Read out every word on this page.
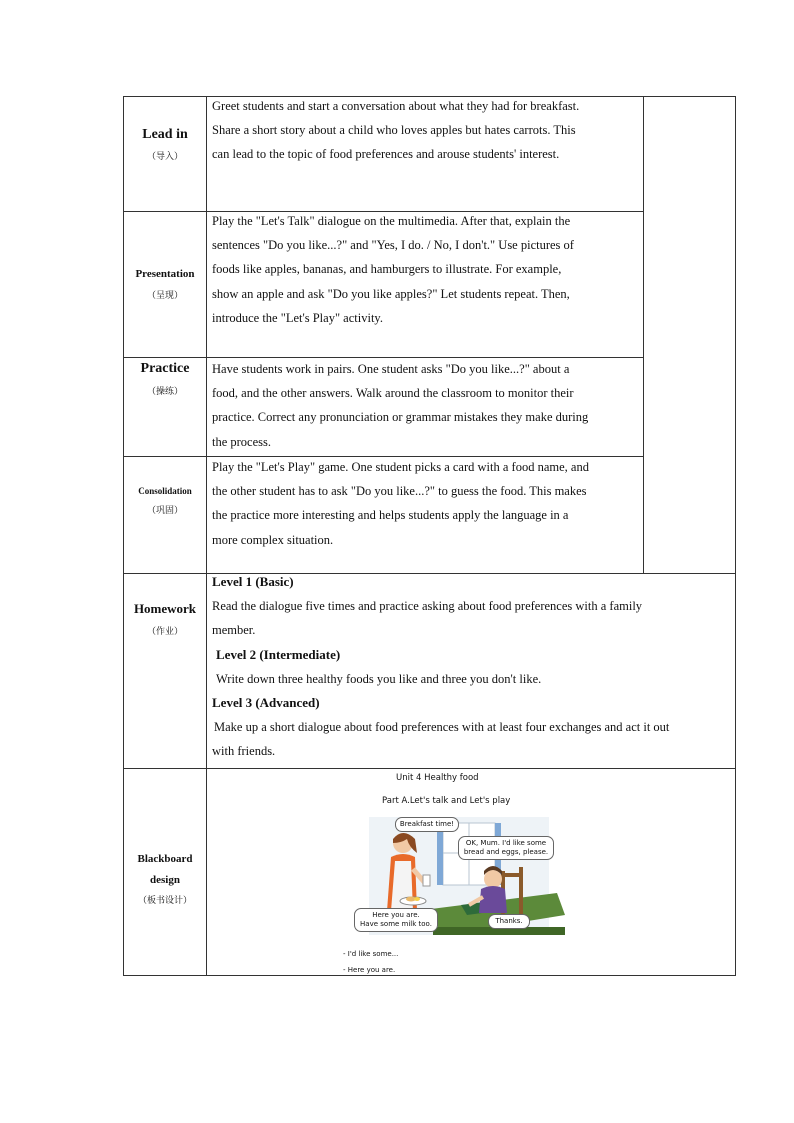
Lead in
（导入）
Greet students and start a conversation about what they had for breakfast.
Share a short story about a child who loves apples but hates carrots. This
can lead to the topic of food preferences and arouse students' interest.
Presentation
（呈现）
Play the "Let's Talk" dialogue on the multimedia. After that, explain the
sentences "Do you like...?" and "Yes, I do. / No, I don't." Use pictures of
foods like apples, bananas, and hamburgers to illustrate. For example,
show an apple and ask "Do you like apples?" Let students repeat. Then,
introduce the "Let's Play" activity.
Practice
（操练）
Have students work in pairs. One student asks "Do you like...?" about a
food, and the other answers. Walk around the classroom to monitor their
practice. Correct any pronunciation or grammar mistakes they make during
the process.
Consolidation
（巩固）
Play the "Let's Play" game. One student picks a card with a food name, and
the other student has to ask "Do you like...?" to guess the food. This makes
the practice more interesting and helps students apply the language in a
more complex situation.
Homework
（作业）
Level 1 (Basic)
Read the dialogue five times and practice asking about food preferences with a family
member.
Level 2 (Intermediate)
Write down three healthy foods you like and three you don't like.
Level 3 (Advanced)
Make up a short dialogue about food preferences with at least four exchanges and act it out
with friends.
Blackboard
design
（板书设计）
Unit 4 Healthy food
Part A.Let's talk and Let's play
Breakfast time!
OK, Mum. I'd like some
bread and eggs, please.
Here you are.
Have some milk too.	Thanks.
- I'd like some...
- Here you are.
